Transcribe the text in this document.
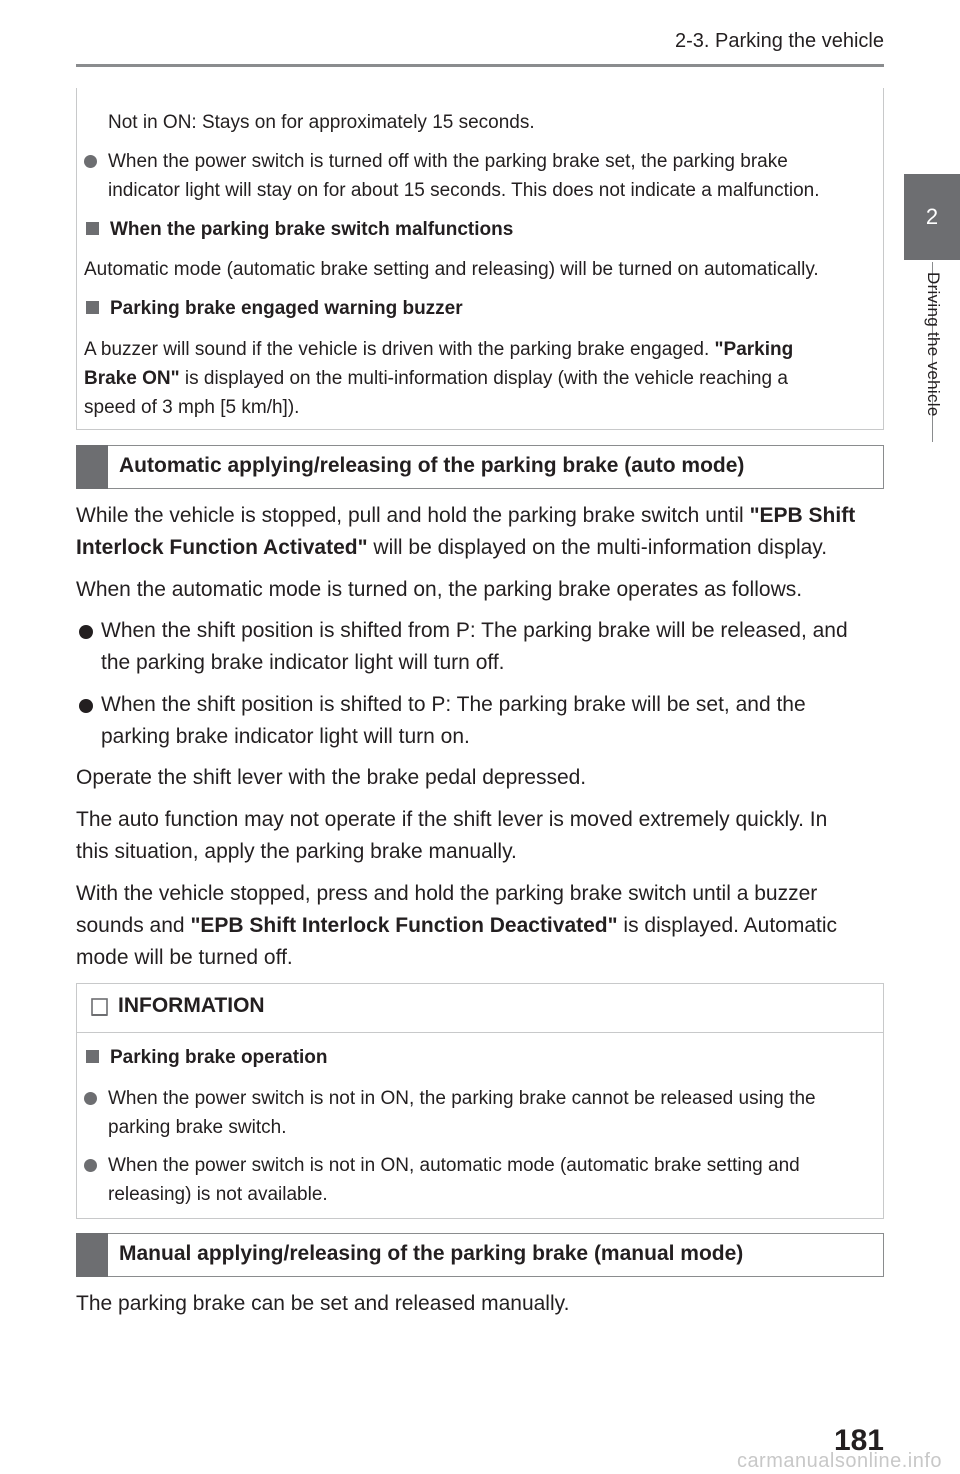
2-3. Parking the vehicle
2
Driving the vehicle
Not in ON: Stays on for approximately 15 seconds.
When the power switch is turned off with the parking brake set, the parking brake
indicator light will stay on for about 15 seconds. This does not indicate a malfunction.
When the parking brake switch malfunctions
Automatic mode (automatic brake setting and releasing) will be turned on automatically.
Parking brake engaged warning buzzer
A buzzer will sound if the vehicle is driven with the parking brake engaged. "Parking
Brake ON" is displayed on the multi-information display (with the vehicle reaching a
speed of 3 mph [5 km/h]).
Automatic applying/releasing of the parking brake (auto mode)
While the vehicle is stopped, pull and hold the parking brake switch until "EPB Shift
Interlock Function Activated" will be displayed on the multi-information display.
When the automatic mode is turned on, the parking brake operates as follows.
When the shift position is shifted from P: The parking brake will be released, and
the parking brake indicator light will turn off.
When the shift position is shifted to P: The parking brake will be set, and the
parking brake indicator light will turn on.
Operate the shift lever with the brake pedal depressed.
The auto function may not operate if the shift lever is moved extremely quickly. In
this situation, apply the parking brake manually.
With the vehicle stopped, press and hold the parking brake switch until a buzzer
sounds and "EPB Shift Interlock Function Deactivated" is displayed. Automatic
mode will be turned off.
INFORMATION
Parking brake operation
When the power switch is not in ON, the parking brake cannot be released using the
parking brake switch.
When the power switch is not in ON, automatic mode (automatic brake setting and
releasing) is not available.
Manual applying/releasing of the parking brake (manual mode)
The parking brake can be set and released manually.
181
carmanualsonline.info
